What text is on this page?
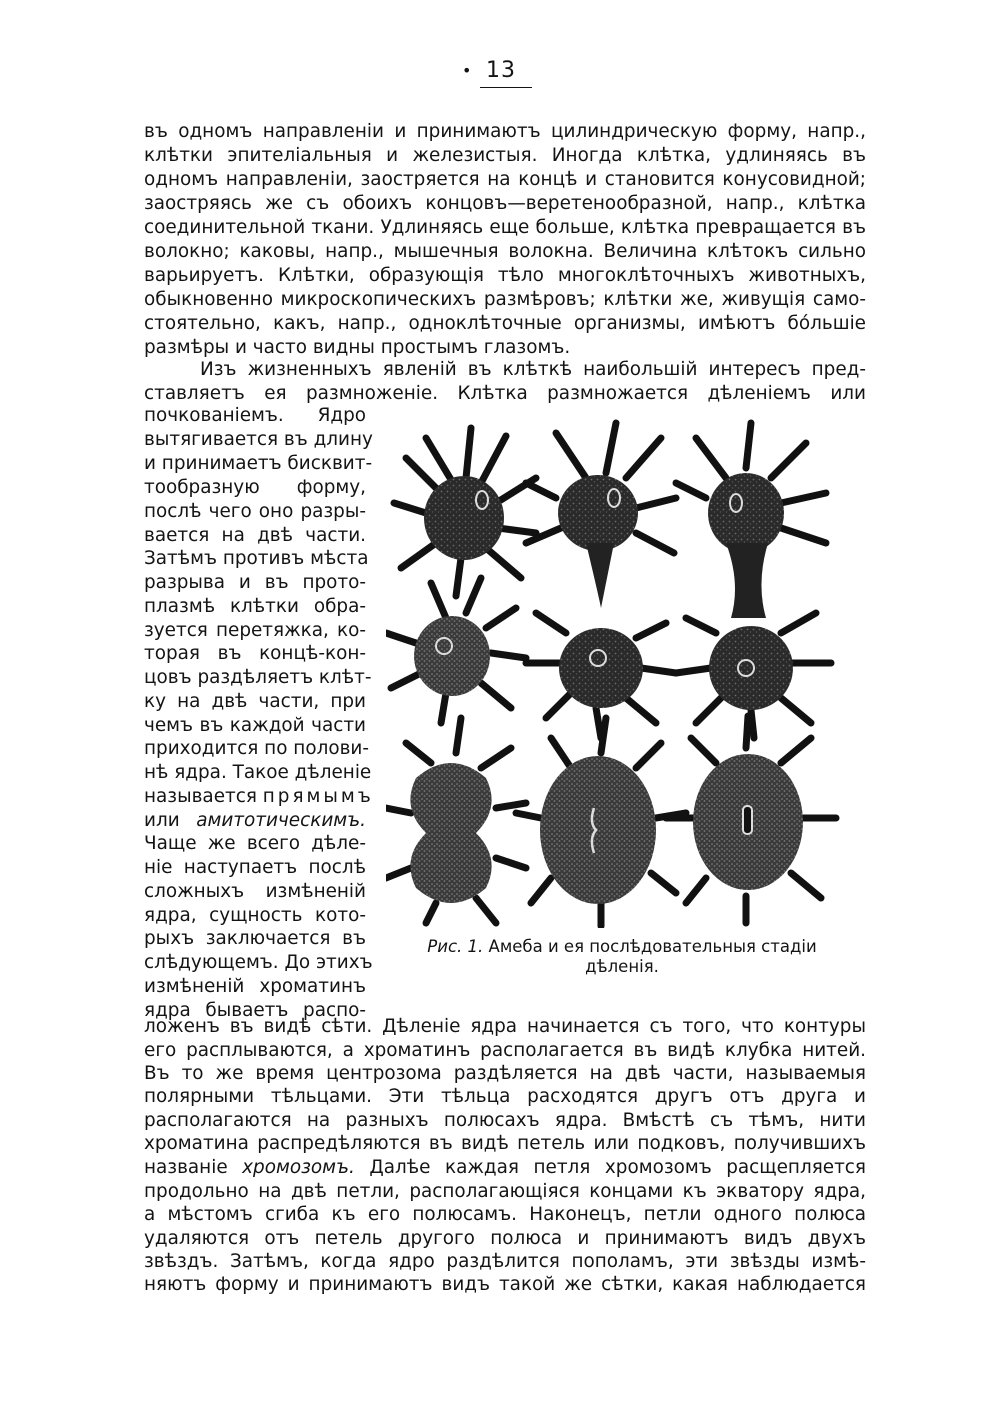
• 13
въ одномъ направленіи и принимаютъ цилиндрическую форму, напр.,
клѣтки эпителіальныя и железистыя. Иногда клѣтка, удлиняясь въ
одномъ направленіи, заостряется на концѣ и становится конусовидной;
заостряясь же съ обоихъ концовъ—веретенообразной, напр., клѣтка
соединительной ткани. Удлиняясь еще больше, клѣтка превращается въ
волокно; каковы, напр., мышечныя волокна. Величина клѣтокъ сильно
варьируетъ. Клѣтки, образующія тѣло многоклѣточныхъ животныхъ,
обыкновенно микроскопическихъ размѣровъ; клѣтки же, живущія само-
стоятельно, какъ, напр., одноклѣточные организмы, имѣютъ бóльшіе
размѣры и часто видны простымъ глазомъ.
Изъ жизненныхъ явленій въ клѣткѣ наибольшій интересъ пред-
ставляетъ ея размноженіе. Клѣтка размножается дѣленіемъ или
почкованіемъ. Ядро
вытягивается въ длину
и принимаетъ бисквит-
тообразную форму,
послѣ чего оно разры-
вается на двѣ части.
Затѣмъ противъ мѣста
разрыва и въ прото-
плазмѣ клѣтки обра-
зуется перетяжка, ко-
торая въ концѣ-кон-
цовъ раздѣляетъ клѣт-
ку на двѣ части, при
чемъ въ каждой части
приходится по полови-
нѣ ядра. Такое дѣленіе
называется прямымъ
или амитотическимъ.
Чаще же всего дѣле-
ніе наступаетъ послѣ
сложныхъ измѣненій
ядра, сущность кото-
рыхъ заключается въ
слѣдующемъ. До этихъ
измѣненій хроматинъ
ядра бываетъ распо-
Рис. 1. Амеба и ея послѣдовательныя стадіи дѣленія.
ложенъ въ видѣ сѣти. Дѣленіе ядра начинается съ того, что контуры
его расплываются, а хроматинъ располагается въ видѣ клубка нитей.
Въ то же время центрозома раздѣляется на двѣ части, называемыя
полярными тѣльцами. Эти тѣльца расходятся другъ отъ друга и
располагаются на разныхъ полюсахъ ядра. Вмѣстѣ съ тѣмъ, нити
хроматина распредѣляются въ видѣ петель или подковъ, получившихъ
названіе хромозомъ. Далѣе каждая петля хромозомъ расщепляется
продольно на двѣ петли, располагающіяся концами къ экватору ядра,
а мѣстомъ сгиба къ его полюсамъ. Наконецъ, петли одного полюса
удаляются отъ петель другого полюса и принимаютъ видъ двухъ
звѣздъ. Затѣмъ, когда ядро раздѣлится пополамъ, эти звѣзды измѣ-
няютъ форму и принимаютъ видъ такой же сѣтки, какая наблюдается
